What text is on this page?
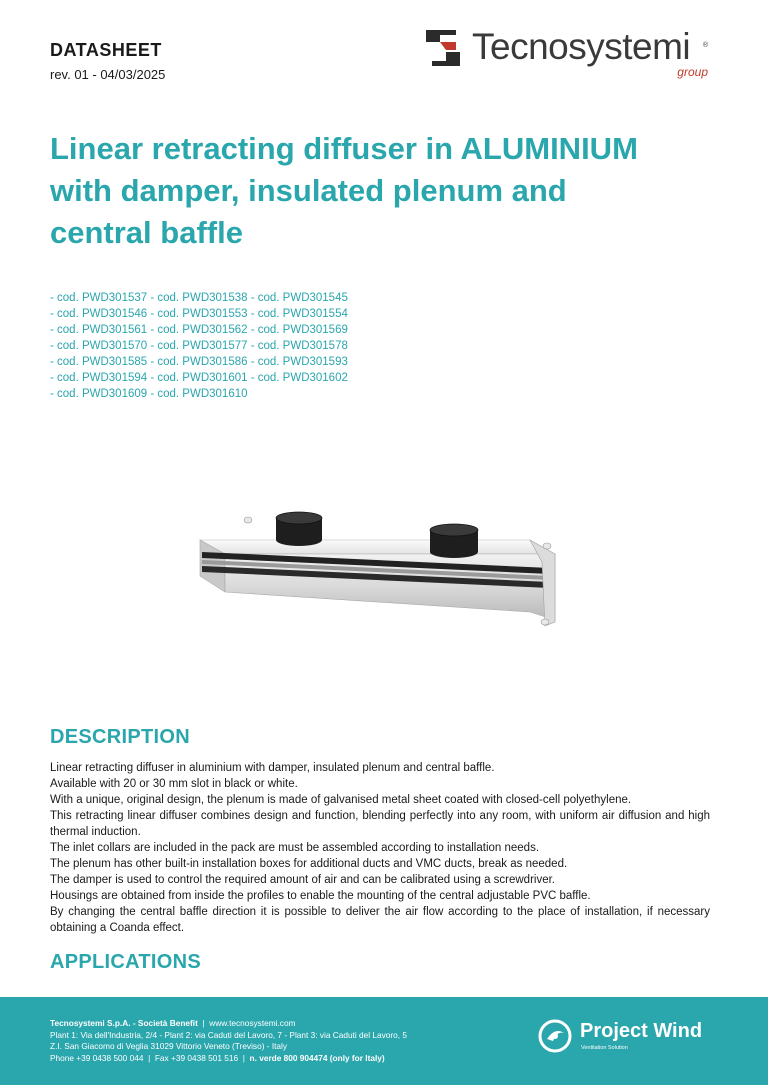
DATASHEET
rev. 01 - 04/03/2025
Tecnosystemi ®
group
Linear retracting diffuser in ALUMINIUM
with damper, insulated plenum and
central baffle
- cod. PWD301537 - cod. PWD301538 - cod. PWD301545
- cod. PWD301546 - cod. PWD301553 - cod. PWD301554
- cod. PWD301561 - cod. PWD301562 - cod. PWD301569
- cod. PWD301570 - cod. PWD301577 - cod. PWD301578
- cod. PWD301585 - cod. PWD301586 - cod. PWD301593
- cod. PWD301594 - cod. PWD301601 - cod. PWD301602
- cod. PWD301609 - cod. PWD301610
DESCRIPTION

Linear retracting diffuser in aluminium with damper, insulated plenum and central baffle.

Available with 20 or 30 mm slot in black or white.

With a unique, original design, the plenum is made of galvanised metal sheet coated with closed-cell polyethylene.

This retracting linear diffuser combines design and function, blending perfectly into any room, with uniform air diffusion and high thermal induction.

The inlet collars are included in the pack are must be assembled according to installation needs.

The plenum has other built-in installation boxes for additional ducts and VMC ducts, break as needed.

The damper is used to control the required amount of air and can be calibrated using a screwdriver.

Housings are obtained from inside the profiles to enable the mounting of the central adjustable PVC baffle.

By changing the central baffle direction it is possible to deliver the air flow according to the place of installation, if necessary obtaining a Coanda effect.

APPLICATIONS
Tecnosystemi S.p.A. - Società Benefit | www.tecnosystemi.com
Plant 1: Via dell'Industria, 2/4 - Plant 2: via Caduti del Lavoro, 7 - Plant 3: via Caduti del Lavoro, 5
Z.I. San Giacomo di Veglia 31029 Vittorio Veneto (Treviso) - Italy
Phone +39 0438 500 044 | Fax +39 0438 501 516 | n. verde 800 904474 (only for Italy)
Project Wind
Ventilation Solution
